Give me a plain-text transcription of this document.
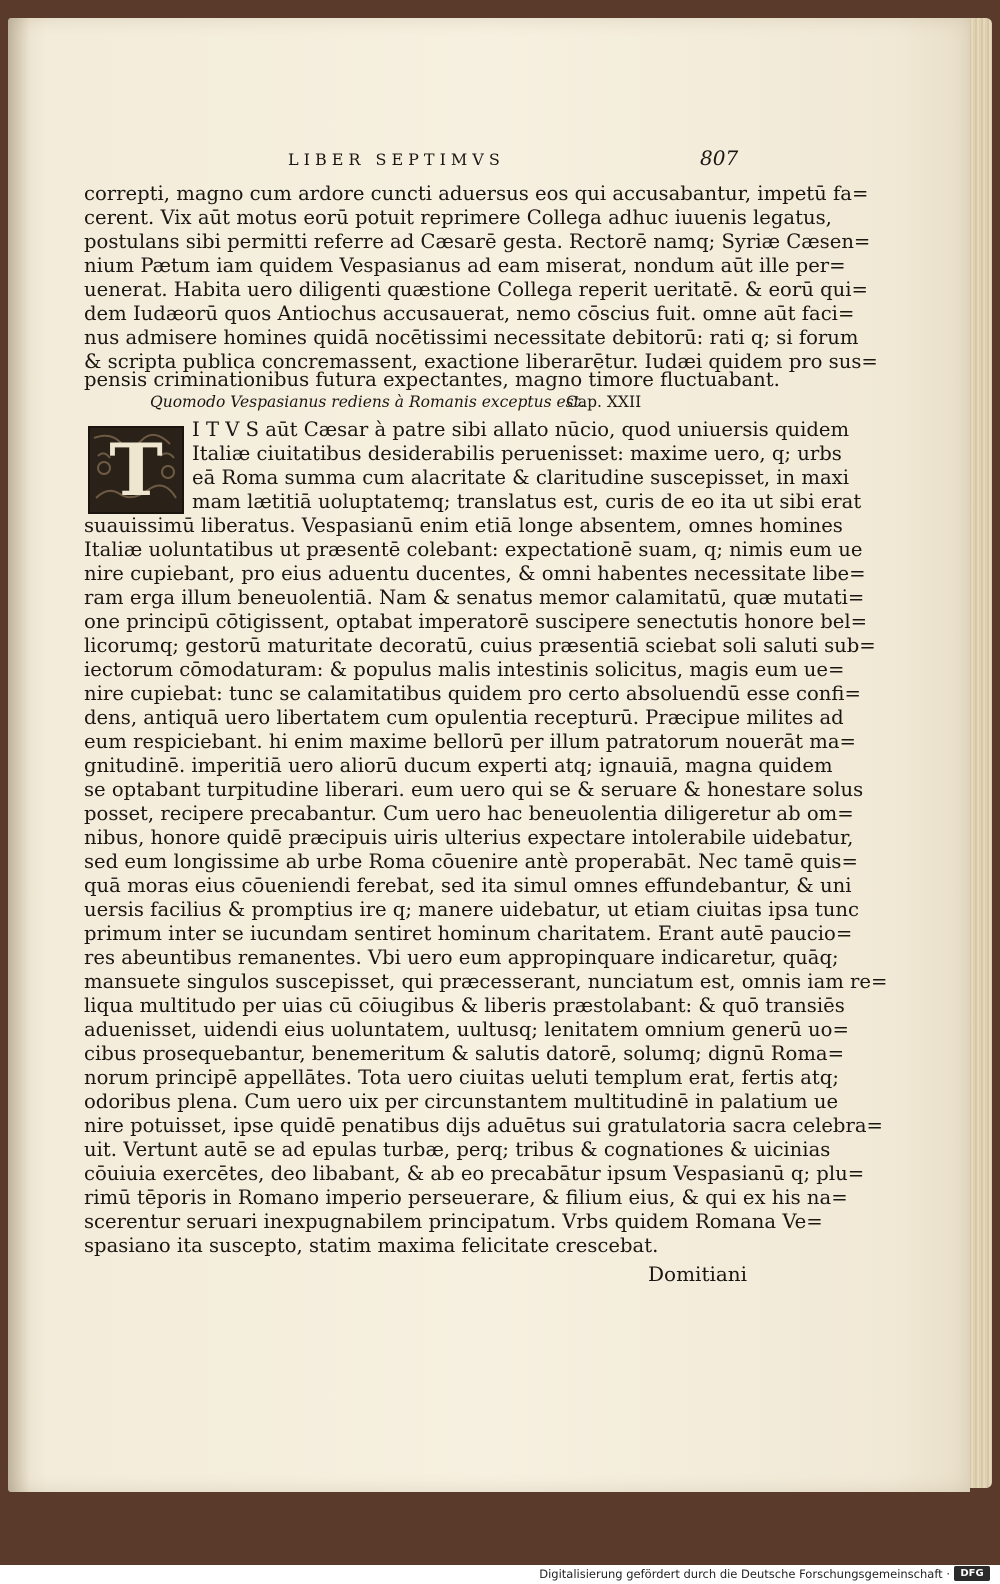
LIBER SEPTIMVS	807
correpti, magno cum ardore cuncti aduersus eos qui accusabantur, impetū fa=
cerent. Vix aūt motus eorū potuit reprimere Collega adhuc iuuenis legatus,
postulans sibi permitti referre ad Cæsarē gesta. Rectorē namq; Syriæ Cæsen=
nium Pætum iam quidem Vespasianus ad eam miserat, nondum aūt ille per=
uenerat. Habita uero diligenti quæstione Collega reperit ueritatē. & eorū qui=
dem Iudæorū quos Antiochus accusauerat, nemo cōscius fuit. omne aūt faci=
nus admisere homines quidā nocētissimi necessitate debitorū: rati q; si forum
& scripta publica concremassent, exactione liberarētur. Iudæi quidem pro sus=
pensis criminationibus futura expectantes, magno timore fluctuabant.
Quomodo Vespasianus rediens à Romanis exceptus est.
Cap. XXII
T	I T V S aūt Cæsar à patre sibi allato nūcio, quod uniuersis quidem
Italiæ ciuitatibus desiderabilis peruenisset: maxime uero, q; urbs
eā Roma summa cum alacritate & claritudine suscepisset, in maxi
mam lætitiā uoluptatemq; translatus est, curis de eo ita ut sibi erat
suauissimū liberatus. Vespasianū enim etiā longe absentem, omnes homines
Italiæ uoluntatibus ut præsentē colebant: expectationē suam, q; nimis eum ue
nire cupiebant, pro eius aduentu ducentes, & omni habentes necessitate libe=
ram erga illum beneuolentiā. Nam & senatus memor calamitatū, quæ mutati=
one principū cōtigissent, optabat imperatorē suscipere senectutis honore bel=
licorumq; gestorū maturitate decoratū, cuius præsentiā sciebat soli saluti sub=
iectorum cōmodaturam: & populus malis intestinis solicitus, magis eum ue=
nire cupiebat: tunc se calamitatibus quidem pro certo absoluendū esse confi=
dens, antiquā uero libertatem cum opulentia recepturū. Præcipue milites ad
eum respiciebant. hi enim maxime bellorū per illum patratorum nouerāt ma=
gnitudinē. imperitiā uero aliorū ducum experti atq; ignauiā, magna quidem
se optabant turpitudine liberari. eum uero qui se & seruare & honestare solus
posset, recipere precabantur. Cum uero hac beneuolentia diligeretur ab om=
nibus, honore quidē præcipuis uiris ulterius expectare intolerabile uidebatur,
sed eum longissime ab urbe Roma cōuenire antè properabāt. Nec tamē quis=
quā moras eius cōueniendi ferebat, sed ita simul omnes effundebantur, & uni
uersis facilius & promptius ire q; manere uidebatur, ut etiam ciuitas ipsa tunc
primum inter se iucundam sentiret hominum charitatem. Erant autē paucio=
res abeuntibus remanentes. Vbi uero eum appropinquare indicaretur, quāq;
mansuete singulos suscepisset, qui præcesserant, nunciatum est, omnis iam re=
liqua multitudo per uias cū cōiugibus & liberis præstolabant: & quō transiēs
aduenisset, uidendi eius uoluntatem, uultusq; lenitatem omnium generū uo=
cibus prosequebantur, benemeritum & salutis datorē, solumq; dignū Roma=
norum principē appellātes. Tota uero ciuitas ueluti templum erat, fertis atq;
odoribus plena. Cum uero uix per circunstantem multitudinē in palatium ue
nire potuisset, ipse quidē penatibus dijs aduētus sui gratulatoria sacra celebra=
uit. Vertunt autē se ad epulas turbæ, perq; tribus & cognationes & uicinias
cōuiuia exercētes, deo libabant, & ab eo precabātur ipsum Vespasianū q; plu=
rimū tēporis in Romano imperio perseuerare, & filium eius, & qui ex his na=
scerentur seruari inexpugnabilem principatum. Vrbs quidem Romana Ve=
spasiano ita suscepto, statim maxima felicitate crescebat.
Domitiani
Digitalisierung gefördert durch die Deutsche Forschungsgemeinschaft ·	DFG
